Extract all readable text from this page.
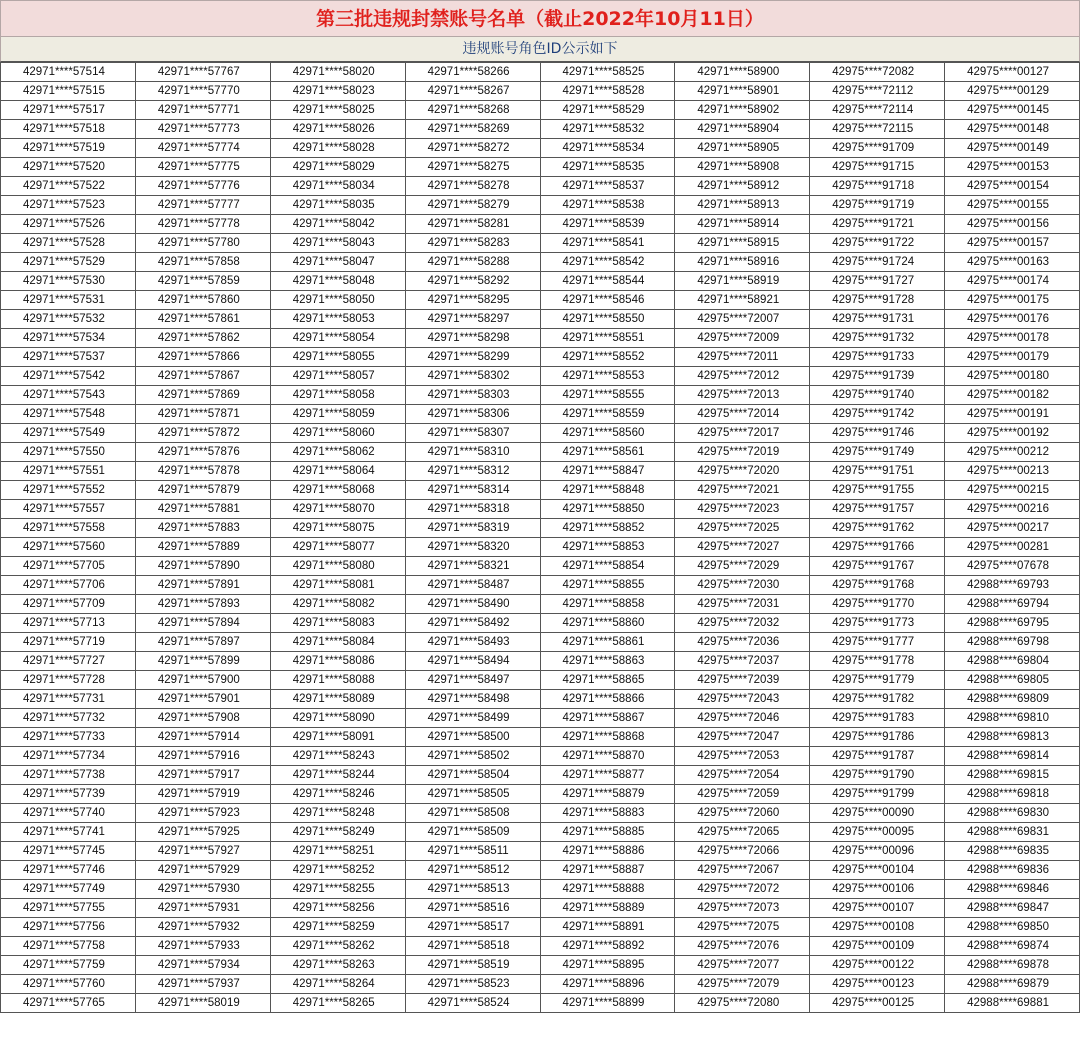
第三批违规封禁账号名单（截止2022年10月11日）
违规账号角色ID公示如下
42971****57514	42971****57767	42971****58020	42971****58266	42971****58525	42971****58900	42975****72082	42975****00127
42971****57515	42971****57770	42971****58023	42971****58267	42971****58528	42971****58901	42975****72112	42975****00129
42971****57517	42971****57771	42971****58025	42971****58268	42971****58529	42971****58902	42975****72114	42975****00145
42971****57518	42971****57773	42971****58026	42971****58269	42971****58532	42971****58904	42975****72115	42975****00148
42971****57519	42971****57774	42971****58028	42971****58272	42971****58534	42971****58905	42975****91709	42975****00149
42971****57520	42971****57775	42971****58029	42971****58275	42971****58535	42971****58908	42975****91715	42975****00153
42971****57522	42971****57776	42971****58034	42971****58278	42971****58537	42971****58912	42975****91718	42975****00154
42971****57523	42971****57777	42971****58035	42971****58279	42971****58538	42971****58913	42975****91719	42975****00155
42971****57526	42971****57778	42971****58042	42971****58281	42971****58539	42971****58914	42975****91721	42975****00156
42971****57528	42971****57780	42971****58043	42971****58283	42971****58541	42971****58915	42975****91722	42975****00157
42971****57529	42971****57858	42971****58047	42971****58288	42971****58542	42971****58916	42975****91724	42975****00163
42971****57530	42971****57859	42971****58048	42971****58292	42971****58544	42971****58919	42975****91727	42975****00174
42971****57531	42971****57860	42971****58050	42971****58295	42971****58546	42971****58921	42975****91728	42975****00175
42971****57532	42971****57861	42971****58053	42971****58297	42971****58550	42975****72007	42975****91731	42975****00176
42971****57534	42971****57862	42971****58054	42971****58298	42971****58551	42975****72009	42975****91732	42975****00178
42971****57537	42971****57866	42971****58055	42971****58299	42971****58552	42975****72011	42975****91733	42975****00179
42971****57542	42971****57867	42971****58057	42971****58302	42971****58553	42975****72012	42975****91739	42975****00180
42971****57543	42971****57869	42971****58058	42971****58303	42971****58555	42975****72013	42975****91740	42975****00182
42971****57548	42971****57871	42971****58059	42971****58306	42971****58559	42975****72014	42975****91742	42975****00191
42971****57549	42971****57872	42971****58060	42971****58307	42971****58560	42975****72017	42975****91746	42975****00192
42971****57550	42971****57876	42971****58062	42971****58310	42971****58561	42975****72019	42975****91749	42975****00212
42971****57551	42971****57878	42971****58064	42971****58312	42971****58847	42975****72020	42975****91751	42975****00213
42971****57552	42971****57879	42971****58068	42971****58314	42971****58848	42975****72021	42975****91755	42975****00215
42971****57557	42971****57881	42971****58070	42971****58318	42971****58850	42975****72023	42975****91757	42975****00216
42971****57558	42971****57883	42971****58075	42971****58319	42971****58852	42975****72025	42975****91762	42975****00217
42971****57560	42971****57889	42971****58077	42971****58320	42971****58853	42975****72027	42975****91766	42975****00281
42971****57705	42971****57890	42971****58080	42971****58321	42971****58854	42975****72029	42975****91767	42975****07678
42971****57706	42971****57891	42971****58081	42971****58487	42971****58855	42975****72030	42975****91768	42988****69793
42971****57709	42971****57893	42971****58082	42971****58490	42971****58858	42975****72031	42975****91770	42988****69794
42971****57713	42971****57894	42971****58083	42971****58492	42971****58860	42975****72032	42975****91773	42988****69795
42971****57719	42971****57897	42971****58084	42971****58493	42971****58861	42975****72036	42975****91777	42988****69798
42971****57727	42971****57899	42971****58086	42971****58494	42971****58863	42975****72037	42975****91778	42988****69804
42971****57728	42971****57900	42971****58088	42971****58497	42971****58865	42975****72039	42975****91779	42988****69805
42971****57731	42971****57901	42971****58089	42971****58498	42971****58866	42975****72043	42975****91782	42988****69809
42971****57732	42971****57908	42971****58090	42971****58499	42971****58867	42975****72046	42975****91783	42988****69810
42971****57733	42971****57914	42971****58091	42971****58500	42971****58868	42975****72047	42975****91786	42988****69813
42971****57734	42971****57916	42971****58243	42971****58502	42971****58870	42975****72053	42975****91787	42988****69814
42971****57738	42971****57917	42971****58244	42971****58504	42971****58877	42975****72054	42975****91790	42988****69815
42971****57739	42971****57919	42971****58246	42971****58505	42971****58879	42975****72059	42975****91799	42988****69818
42971****57740	42971****57923	42971****58248	42971****58508	42971****58883	42975****72060	42975****00090	42988****69830
42971****57741	42971****57925	42971****58249	42971****58509	42971****58885	42975****72065	42975****00095	42988****69831
42971****57745	42971****57927	42971****58251	42971****58511	42971****58886	42975****72066	42975****00096	42988****69835
42971****57746	42971****57929	42971****58252	42971****58512	42971****58887	42975****72067	42975****00104	42988****69836
42971****57749	42971****57930	42971****58255	42971****58513	42971****58888	42975****72072	42975****00106	42988****69846
42971****57755	42971****57931	42971****58256	42971****58516	42971****58889	42975****72073	42975****00107	42988****69847
42971****57756	42971****57932	42971****58259	42971****58517	42971****58891	42975****72075	42975****00108	42988****69850
42971****57758	42971****57933	42971****58262	42971****58518	42971****58892	42975****72076	42975****00109	42988****69874
42971****57759	42971****57934	42971****58263	42971****58519	42971****58895	42975****72077	42975****00122	42988****69878
42971****57760	42971****57937	42971****58264	42971****58523	42971****58896	42975****72079	42975****00123	42988****69879
42971****57765	42971****58019	42971****58265	42971****58524	42971****58899	42975****72080	42975****00125	42988****69881
